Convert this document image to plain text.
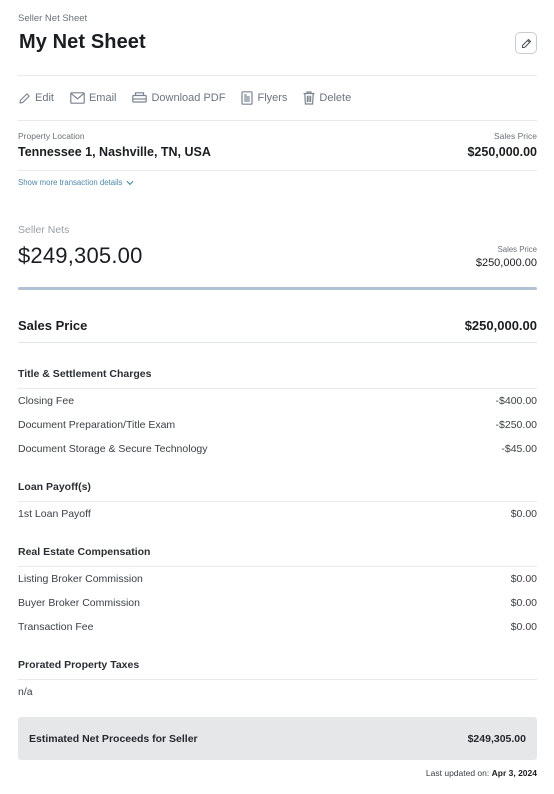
Seller Net Sheet
My Net Sheet
Edit	Email	Download PDF	Flyers	Delete
Property Location
Tennessee 1, Nashville, TN, USA
Sales Price
$250,000.00
Show more transaction details
Seller Nets
$249,305.00	Sales Price
$250,000.00
Sales Price	$250,000.00
Title & Settlement Charges
Closing Fee	-$400.00
Document Preparation/Title Exam	-$250.00
Document Storage & Secure Technology	-$45.00
Loan Payoff(s)
1st Loan Payoff	$0.00
Real Estate Compensation
Listing Broker Commission	$0.00
Buyer Broker Commission	$0.00
Transaction Fee	$0.00
Prorated Property Taxes
n/a
Estimated Net Proceeds for Seller	$249,305.00
Last updated on: Apr 3, 2024
